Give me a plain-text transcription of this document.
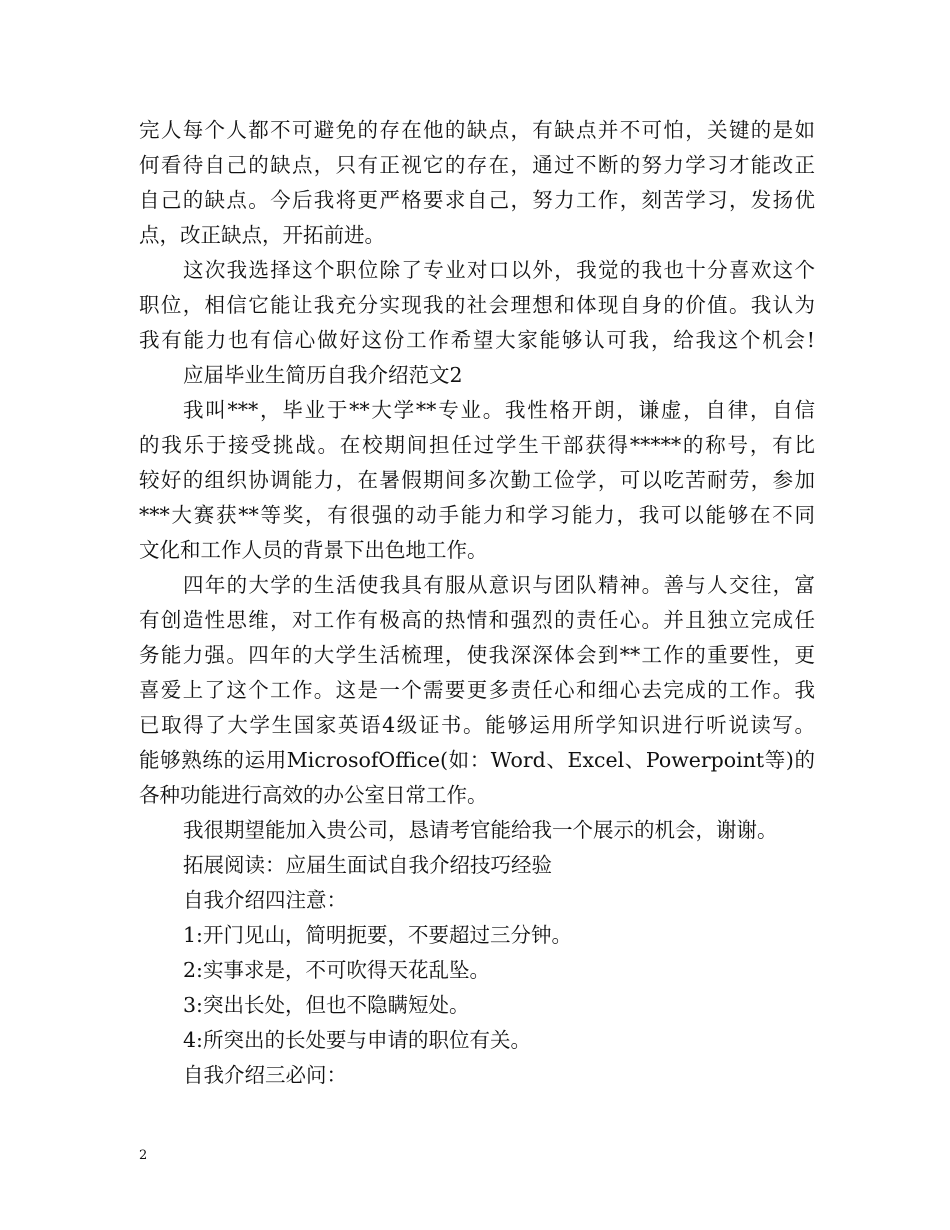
完人每个人都不可避免的存在他的缺点，有缺点并不可怕，关键的是如
何看待自己的缺点，只有正视它的存在，通过不断的努力学习才能改正
自己的缺点。今后我将更严格要求自己，努力工作，刻苦学习，发扬优
点，改正缺点，开拓前进。
这次我选择这个职位除了专业对口以外，我觉的我也十分喜欢这个
职位，相信它能让我充分实现我的社会理想和体现自身的价值。我认为
我有能力也有信心做好这份工作希望大家能够认可我，给我这个机会!
应届毕业生简历自我介绍范文2
我叫***，毕业于**大学**专业。我性格开朗，谦虚，自律，自信
的我乐于接受挑战。在校期间担任过学生干部获得*****的称号，有比
较好的组织协调能力，在暑假期间多次勤工俭学，可以吃苦耐劳，参加
***大赛获**等奖，有很强的动手能力和学习能力，我可以能够在不同
文化和工作人员的背景下出色地工作。
四年的大学的生活使我具有服从意识与团队精神。善与人交往，富
有创造性思维，对工作有极高的热情和强烈的责任心。并且独立完成任
务能力强。四年的大学生活梳理，使我深深体会到**工作的重要性，更
喜爱上了这个工作。这是一个需要更多责任心和细心去完成的工作。我
已取得了大学生国家英语4级证书。能够运用所学知识进行听说读写。
能够熟练的运用MicrosofOffice(如：Word、Excel、Powerpoint等)的
各种功能进行高效的办公室日常工作。
我很期望能加入贵公司，恳请考官能给我一个展示的机会，谢谢。
拓展阅读：应届生面试自我介绍技巧经验
自我介绍四注意：
1:开门见山，简明扼要，不要超过三分钟。
2:实事求是，不可吹得天花乱坠。
3:突出长处，但也不隐瞒短处。
4:所突出的长处要与申请的职位有关。
自我介绍三必问：
2
